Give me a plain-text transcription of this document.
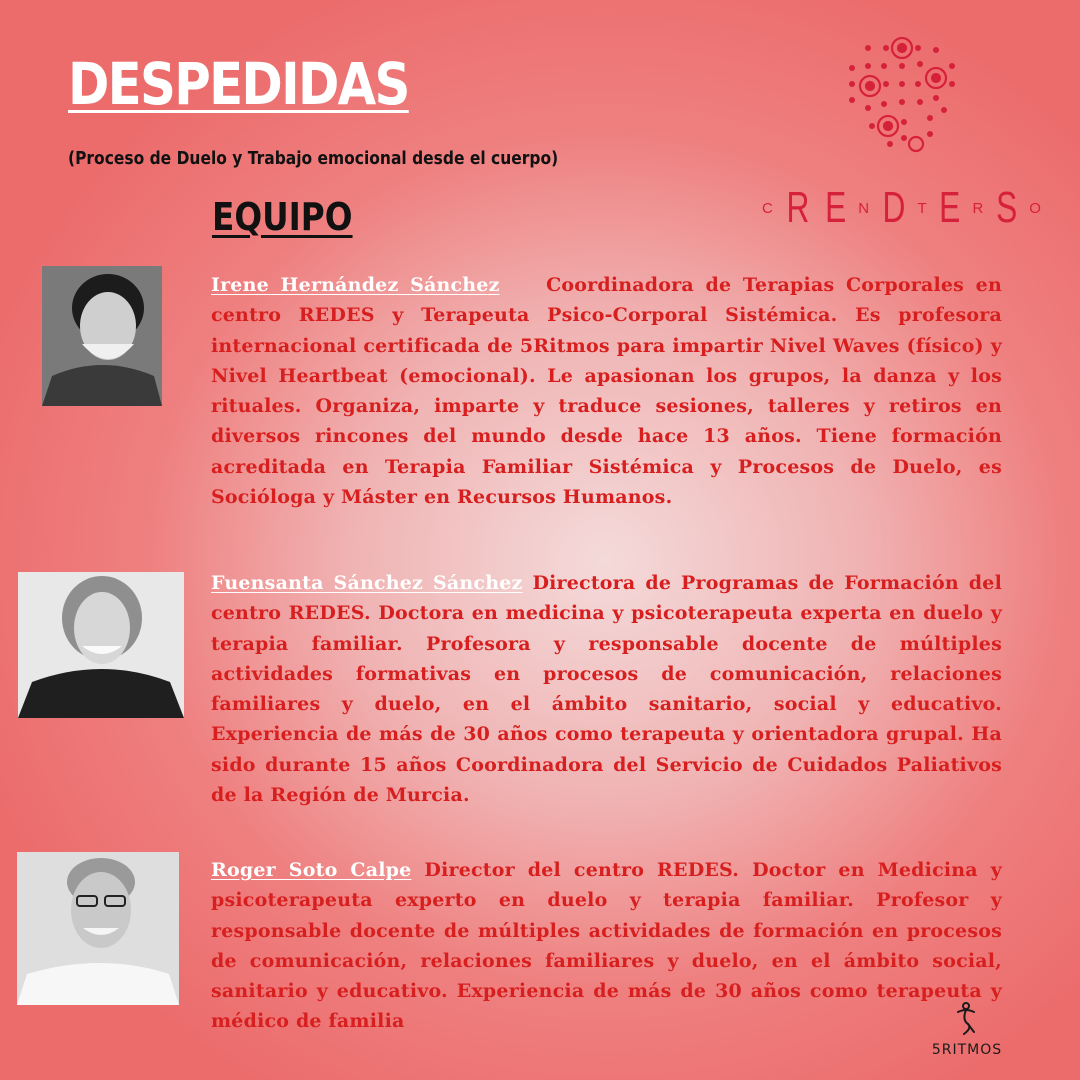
DESPEDIDAS
(Proceso de Duelo y Trabajo emocional desde el cuerpo)
EQUIPO	C R E N D T E R S O

Irene Hernández Sánchez Coordinadora de Terapias Corporales en centro REDES y Terapeuta Psico-Corporal Sistémica. Es profesora internacional certificada de 5Ritmos para impartir Nivel Waves (físico) y Nivel Heartbeat (emocional). Le apasionan los grupos, la danza y los rituales. Organiza, imparte y traduce sesiones, talleres y retiros en diversos rincones del mundo desde hace 13 años. Tiene formación acreditada en Terapia Familiar Sistémica y Procesos de Duelo, es Socióloga y Máster en Recursos Humanos.

Fuensanta Sánchez Sánchez Directora de Programas de Formación del centro REDES. Doctora en medicina y psicoterapeuta experta en duelo y terapia familiar. Profesora y responsable docente de múltiples actividades formativas en procesos de comunicación, relaciones familiares y duelo, en el ámbito sanitario, social y educativo. Experiencia de más de 30 años como terapeuta y orientadora grupal. Ha sido durante 15 años Coordinadora del Servicio de Cuidados Paliativos de la Región de Murcia.

Roger Soto Calpe Director del centro REDES. Doctor en Medicina y psicoterapeuta experto en duelo y terapia familiar. Profesor y responsable docente de múltiples actividades de formación en procesos de comunicación, relaciones familiares y duelo, en el ámbito social, sanitario y educativo. Experiencia de más de 30 años como terapeuta y médico de familia

5RITMOS
